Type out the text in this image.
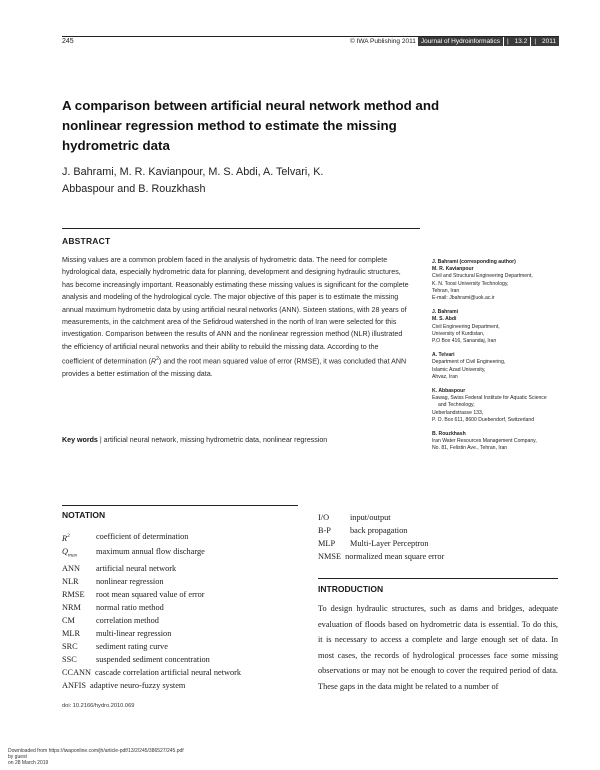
245	© IWA Publishing 2011 Journal of Hydroinformatics | 13.2 | 2011
A comparison between artificial neural network method and nonlinear regression method to estimate the missing hydrometric data
J. Bahrami, M. R. Kavianpour, M. S. Abdi, A. Telvari, K. Abbaspour and B. Rouzkhash
ABSTRACT
Missing values are a common problem faced in the analysis of hydrometric data. The need for complete hydrological data, especially hydrometric data for planning, development and designing hydraulic structures, has become increasingly important. Reasonably estimating these missing values is significant for the complete analysis and modeling of the hydrological cycle. The major objective of this paper is to estimate the missing annual maximum hydrometric data by using artificial neural networks (ANN). Sixteen stations, with 28 years of measurements, in the catchment area of the Sefidroud watershed in the north of Iran were selected for this investigation. Comparison between the results of ANN and the nonlinear regression method (NLR) illustrated the efficiency of artificial neural networks and their ability to rebuild the missing data. According to the coefficient of determination $(R^2)$ and the root mean squared value of error (RMSE), it was concluded that ANN provides a better estimation of the missing data.
Key words | artificial neural network, missing hydrometric data, nonlinear regression
J. Bahrami (corresponding author)
M. R. Kavianpour
Civil and Structural Engineering Department,
K. N. Toosi University Technology,
Tehran, Iran
E-mail: Jbahrami@uok.ac.ir
J. Bahrami
M. S. Abdi
Civil Engineering Department,
University of Kurdistan,
P.O Box 416, Sanandaj, Iran
A. Telvari
Department of Civil Engineering,
Islamic Azad University,
Ahvaz, Iran
K. Abbaspour
Eawag, Swiss Federal Institute for Aquatic Science
and Technology,
Ueberlandstrasse 133,
P. O. Box 611, 8600 Duebendorf, Switzerland
B. Rouzkhash
Iran Water Resources Management Company,
No. 81, Felistin Ave., Tehran, Iran
NOTATION
$R^2$	coefficient of determination
$Q_{max}$	maximum annual flow discharge
ANN	artificial neural network
NLR	nonlinear regression
RMSE	root mean squared value of error
NRM	normal ratio method
CM	correlation method
MLR	multi-linear regression
SRC	sediment rating curve
SSC	suspended sediment concentration
CCANN cascade correlation artificial neural network
ANFIS adaptive neuro-fuzzy system
doi: 10.2166/hydro.2010.069
I/O	input/output
B-P	back propagation
MLP	Multi-Layer Perceptron
NMSE normalized mean square error
INTRODUCTION
To design hydraulic structures, such as dams and bridges, adequate evaluation of floods based on hydrometric data is essential. To do this, it is necessary to access a complete and large enough set of data. In most cases, the records of hydrological processes face some missing observations or may not be enough to cover the required period of data. These gaps in the data might be related to a number of
Downloaded from https://iwaponline.com/jh/article-pdf/13/2/245/386527/245.pdf
by guest
on 28 March 2019
